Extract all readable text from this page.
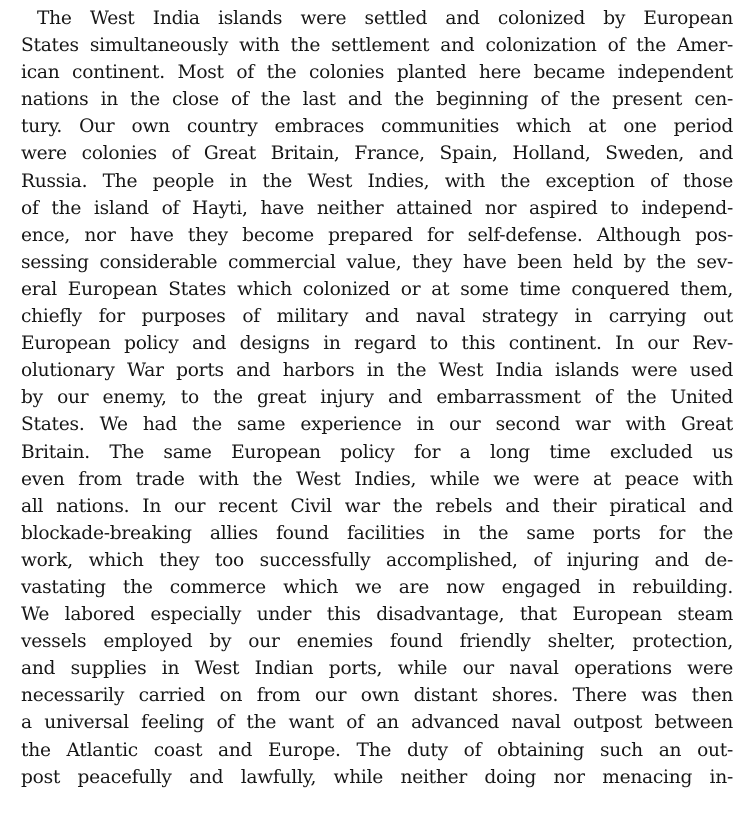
The West India islands were settled and colonized by European
States simultaneously with the settlement and colonization of the Amer-
ican continent. Most of the colonies planted here became independent
nations in the close of the last and the beginning of the present cen-
tury. Our own country embraces communities which at one period
were colonies of Great Britain, France, Spain, Holland, Sweden, and
Russia. The people in the West Indies, with the exception of those
of the island of Hayti, have neither attained nor aspired to independ-
ence, nor have they become prepared for self-defense. Although pos-
sessing considerable commercial value, they have been held by the sev-
eral European States which colonized or at some time conquered them,
chiefly for purposes of military and naval strategy in carrying out
European policy and designs in regard to this continent. In our Rev-
olutionary War ports and harbors in the West India islands were used
by our enemy, to the great injury and embarrassment of the United
States. We had the same experience in our second war with Great
Britain. The same European policy for a long time excluded us
even from trade with the West Indies, while we were at peace with
all nations. In our recent Civil war the rebels and their piratical and
blockade-breaking allies found facilities in the same ports for the
work, which they too successfully accomplished, of injuring and de-
vastating the commerce which we are now engaged in rebuilding.
We labored especially under this disadvantage, that European steam
vessels employed by our enemies found friendly shelter, protection,
and supplies in West Indian ports, while our naval operations were
necessarily carried on from our own distant shores. There was then
a universal feeling of the want of an advanced naval outpost between
the Atlantic coast and Europe. The duty of obtaining such an out-
post peacefully and lawfully, while neither doing nor menacing in-
